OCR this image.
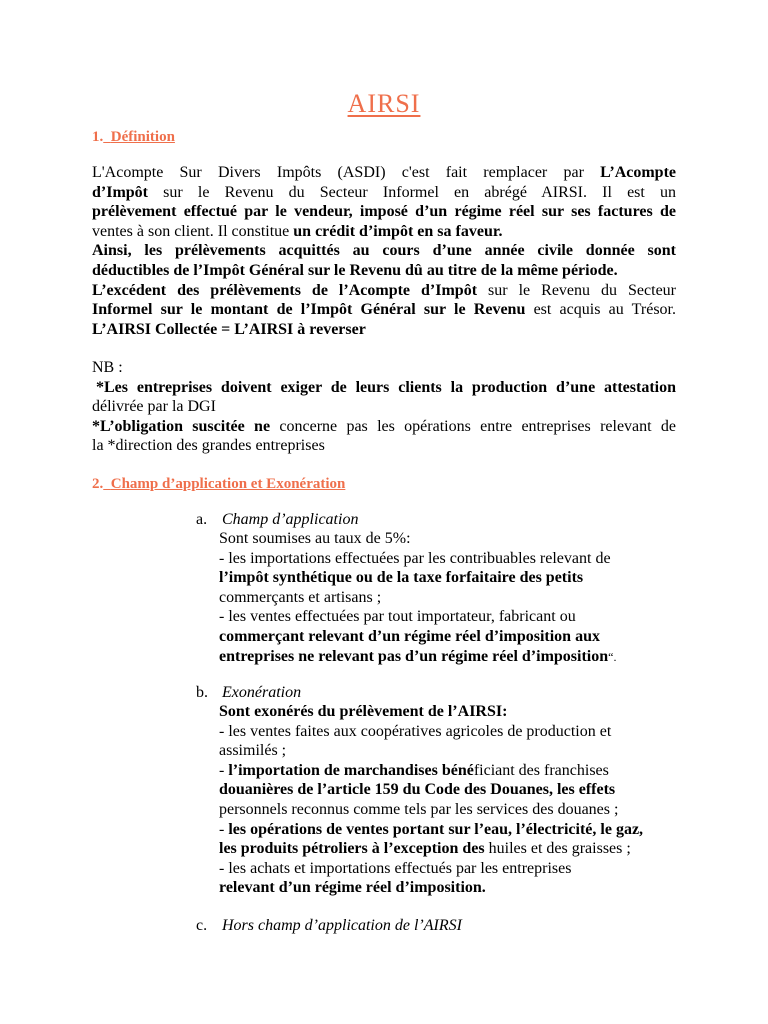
AIRSI
1. Définition
L'Acompte Sur Divers Impôts (ASDI) c'est fait remplacer par L’Acompte
d’Impôt sur le Revenu du Secteur Informel en abrégé AIRSI. Il est un
prélèvement effectué par le vendeur, imposé d’un régime réel sur ses factures de
ventes à son client. Il constitue un crédit d’impôt en sa faveur.
Ainsi, les prélèvements acquittés au cours d’une année civile donnée sont
déductibles de l’Impôt Général sur le Revenu dû au titre de la même période.
L’excédent des prélèvements de l’Acompte d’Impôt sur le Revenu du Secteur
Informel sur le montant de l’Impôt Général sur le Revenu est acquis au Trésor.
L’AIRSI Collectée = L’AIRSI à reverser
NB :
*Les entreprises doivent exiger de leurs clients la production d’une attestation
délivrée par la DGI
*L’obligation suscitée ne concerne pas les opérations entre entreprises relevant de
la *direction des grandes entreprises
2. Champ d’application et Exonération
a. Champ d’application
Sont soumises au taux de 5%:
- les importations effectuées par les contribuables relevant de
l’impôt synthétique ou de la taxe forfaitaire des petits
commerçants et artisans ;
- les ventes effectuées par tout importateur, fabricant ou
commerçant relevant d’un régime réel d’imposition aux
entreprises ne relevant pas d’un régime réel d’imposition“.
b. Exonération
Sont exonérés du prélèvement de l’AIRSI:
- les ventes faites aux coopératives agricoles de production et
assimilés ;
- l’importation de marchandises bénéficiant des franchises
douanières de l’article 159 du Code des Douanes, les effets
personnels reconnus comme tels par les services des douanes ;
- les opérations de ventes portant sur l’eau, l’électricité, le gaz,
les produits pétroliers à l’exception des huiles et des graisses ;
- les achats et importations effectués par les entreprises
relevant d’un régime réel d’imposition.
c. Hors champ d’application de l’AIRSI
